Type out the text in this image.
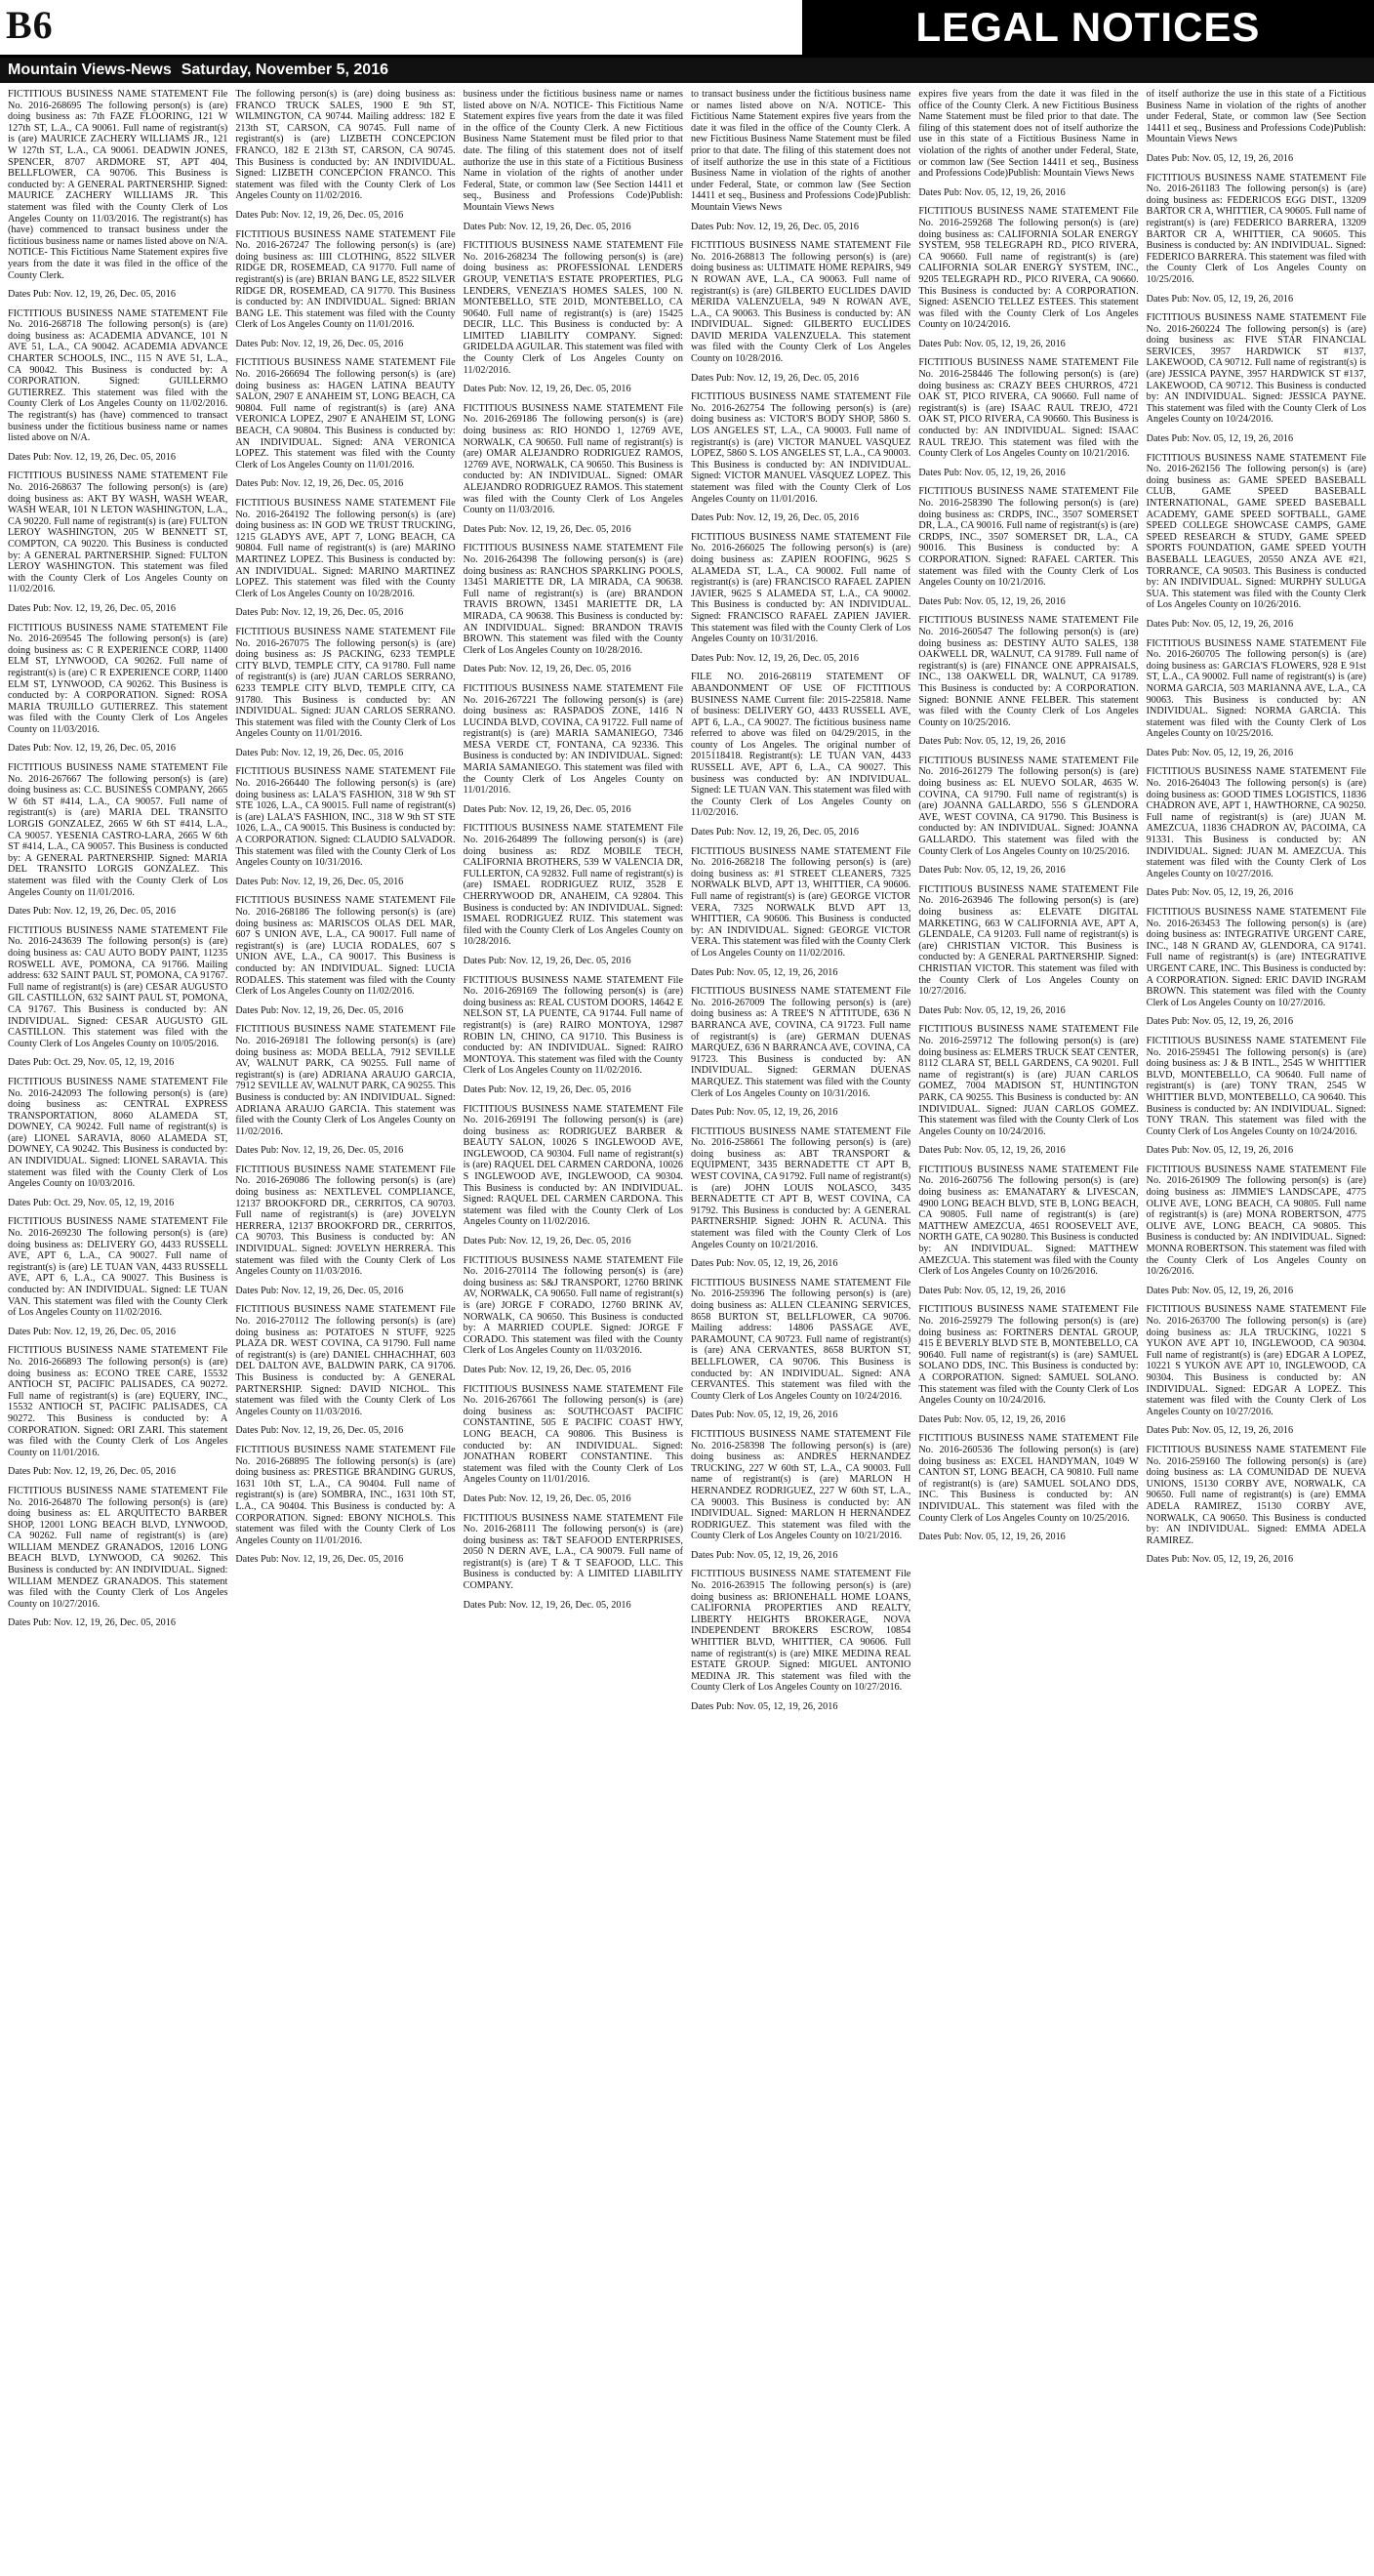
B6	LEGAL NOTICES
Mountain Views-News Saturday, November 5, 2016

FICTITIOUS BUSINESS NAME STATEMENT File No. 2016-268695 The following person(s) is (are) doing business as: 7th FAZE FLOORING, 121 W 127th ST, L.A., CA 90061. Full name of registrant(s) is (are) MAURICE ZACHERY WILLIAMS JR., 121 W 127th ST, L.A., CA 90061. DEADWIN JONES, SPENCER, 8707 ARDMORE ST, APT 404, BELLFLOWER, CA 90706. This Business is conducted by: A GENERAL PARTNERSHIP. Signed: MAURICE ZACHERY WILLIAMS JR. This statement was filed with the County Clerk of Los Angeles County on 11/03/2016. The registrant(s) has (have) commenced to transact business under the fictitious business name or names listed above on N/A. NOTICE- This Fictitious Name Statement expires five years from the date it was filed in the office of the County Clerk.

Dates Pub: Nov. 12, 19, 26, Dec. 05, 2016

FICTITIOUS BUSINESS NAME STATEMENT File No. 2016-268718 The following person(s) is (are) doing business as: ACADEMIA ADVANCE, 101 N AVE 51, L.A., CA 90042. ACADEMIA ADVANCE CHARTER SCHOOLS, INC., 115 N AVE 51, L.A., CA 90042. This Business is conducted by: A CORPORATION. Signed: GUILLERMO GUTIERREZ. This statement was filed with the County Clerk of Los Angeles County on 11/02/2016. The registrant(s) has (have) commenced to transact business under the fictitious business name or names listed above on N/A.

Dates Pub: Nov. 12, 19, 26, Dec. 05, 2016

FICTITIOUS BUSINESS NAME STATEMENT File No. 2016-268637 The following person(s) is (are) doing business as: AKT BY WASH, WASH WEAR, WASH WEAR, 101 N LETON WASHINGTON, L.A., CA 90220. Full name of registrant(s) is (are) FULTON LEROY WASHINGTON, 205 W BENNETT ST, COMPTON, CA 90220. This Business is conducted by: A GENERAL PARTNERSHIP. Signed: FULTON LEROY WASHINGTON. This statement was filed with the County Clerk of Los Angeles County on 11/02/2016.

Dates Pub: Nov. 12, 19, 26, Dec. 05, 2016

FICTITIOUS BUSINESS NAME STATEMENT File No. 2016-269545 The following person(s) is (are) doing business as: C R EXPERIENCE CORP, 11400 ELM ST, LYNWOOD, CA 90262. Full name of registrant(s) is (are) C R EXPERIENCE CORP, 11400 ELM ST, LYNWOOD, CA 90262. This Business is conducted by: A CORPORATION. Signed: ROSA MARIA TRUJILLO GUTIERREZ. This statement was filed with the County Clerk of Los Angeles County on 11/03/2016.

Dates Pub: Nov. 12, 19, 26, Dec. 05, 2016

FICTITIOUS BUSINESS NAME STATEMENT File No. 2016-267667 The following person(s) is (are) doing business as: C.C. BUSINESS COMPANY, 2665 W 6th ST #414, L.A., CA 90057. Full name of registrant(s) is (are) MARIA DEL TRANSITO LORGIS GONZALEZ, 2665 W 6th ST #414, L.A., CA 90057. YESENIA CASTRO-LARA, 2665 W 6th ST #414, L.A., CA 90057. This Business is conducted by: A GENERAL PARTNERSHIP. Signed: MARIA DEL TRANSITO LORGIS GONZALEZ. This statement was filed with the County Clerk of Los Angeles County on 11/01/2016.

Dates Pub: Nov. 12, 19, 26, Dec. 05, 2016

FICTITIOUS BUSINESS NAME STATEMENT File No. 2016-243639 The following person(s) is (are) doing business as: CAU AUTO BODY PAINT, 11235 ROSWELL AVE, POMONA, CA 91766. Mailing address: 632 SAINT PAUL ST, POMONA, CA 91767. Full name of registrant(s) is (are) CESAR AUGUSTO GIL CASTILLON, 632 SAINT PAUL ST, POMONA, CA 91767. This Business is conducted by: AN INDIVIDUAL. Signed: CESAR AUGUSTO GIL CASTILLON. This statement was filed with the County Clerk of Los Angeles County on 10/05/2016.

Dates Pub: Oct. 29, Nov. 05, 12, 19, 2016

FICTITIOUS BUSINESS NAME STATEMENT File No. 2016-242093 The following person(s) is (are) doing business as: CENTRAL EXPRESS TRANSPORTATION, 8060 ALAMEDA ST, DOWNEY, CA 90242. Full name of registrant(s) is (are) LIONEL SARAVIA, 8060 ALAMEDA ST, DOWNEY, CA 90242. This Business is conducted by: AN INDIVIDUAL. Signed: LIONEL SARAVIA. This statement was filed with the County Clerk of Los Angeles County on 10/03/2016.

Dates Pub: Oct. 29, Nov. 05, 12, 19, 2016

FICTITIOUS BUSINESS NAME STATEMENT File No. 2016-269230 The following person(s) is (are) doing business as: DELIVERY GO, 4433 RUSSELL AVE, APT 6, L.A., CA 90027. Full name of registrant(s) is (are) LE TUAN VAN, 4433 RUSSELL AVE, APT 6, L.A., CA 90027. This Business is conducted by: AN INDIVIDUAL. Signed: LE TUAN VAN. This statement was filed with the County Clerk of Los Angeles County on 11/02/2016.

Dates Pub: Nov. 12, 19, 26, Dec. 05, 2016

FICTITIOUS BUSINESS NAME STATEMENT File No. 2016-266893 The following person(s) is (are) doing business as: ECONO TREE CARE, 15532 ANTIOCH ST, PACIFIC PALISADES, CA 90272. Full name of registrant(s) is (are) EQUERY, INC., 15532 ANTIOCH ST, PACIFIC PALISADES, CA 90272. This Business is conducted by: A CORPORATION. Signed: ORI ZARI. This statement was filed with the County Clerk of Los Angeles County on 11/01/2016.

Dates Pub: Nov. 12, 19, 26, Dec. 05, 2016

FICTITIOUS BUSINESS NAME STATEMENT File No. 2016-264870 The following person(s) is (are) doing business as: EL ARQUITECTO BARBER SHOP, 12001 LONG BEACH BLVD, LYNWOOD, CA 90262. Full name of registrant(s) is (are) WILLIAM MENDEZ GRANADOS, 12016 LONG BEACH BLVD, LYNWOOD, CA 90262. This Business is conducted by: AN INDIVIDUAL. Signed: WILLIAM MENDEZ GRANADOS. This statement was filed with the County Clerk of Los Angeles County on 10/27/2016.

Dates Pub: Nov. 12, 19, 26, Dec. 05, 2016

The following person(s) is (are) doing business as: FRANCO TRUCK SALES, 1900 E 9th ST, WILMINGTON, CA 90744. Mailing address: 182 E 213th ST, CARSON, CA 90745. Full name of registrant(s) is (are) LIZBETH CONCEPCION FRANCO, 182 E 213th ST, CARSON, CA 90745. This Business is conducted by: AN INDIVIDUAL. Signed: LIZBETH CONCEPCION FRANCO. This statement was filed with the County Clerk of Los Angeles County on 11/02/2016.

Dates Pub: Nov. 12, 19, 26, Dec. 05, 2016

FICTITIOUS BUSINESS NAME STATEMENT File No. 2016-267247 The following person(s) is (are) doing business as: IIII CLOTHING, 8522 SILVER RIDGE DR, ROSEMEAD, CA 91770. Full name of registrant(s) is (are) BRIAN BANG LE, 8522 SILVER RIDGE DR, ROSEMEAD, CA 91770. This Business is conducted by: AN INDIVIDUAL. Signed: BRIAN BANG LE. This statement was filed with the County Clerk of Los Angeles County on 11/01/2016.

Dates Pub: Nov. 12, 19, 26, Dec. 05, 2016

FICTITIOUS BUSINESS NAME STATEMENT File No. 2016-266694 The following person(s) is (are) doing business as: HAGEN LATINA BEAUTY SALON, 2907 E ANAHEIM ST, LONG BEACH, CA 90804. Full name of registrant(s) is (are) ANA VERONICA LOPEZ, 2907 E ANAHEIM ST, LONG BEACH, CA 90804. This Business is conducted by: AN INDIVIDUAL. Signed: ANA VERONICA LOPEZ. This statement was filed with the County Clerk of Los Angeles County on 11/01/2016.

Dates Pub: Nov. 12, 19, 26, Dec. 05, 2016

FICTITIOUS BUSINESS NAME STATEMENT File No. 2016-264192 The following person(s) is (are) doing business as: IN GOD WE TRUST TRUCKING, 1215 GLADYS AVE, APT 7, LONG BEACH, CA 90804. Full name of registrant(s) is (are) MARINO MARTINEZ LOPEZ. This Business is conducted by: AN INDIVIDUAL. Signed: MARINO MARTINEZ LOPEZ. This statement was filed with the County Clerk of Los Angeles County on 10/28/2016.

Dates Pub: Nov. 12, 19, 26, Dec. 05, 2016

FICTITIOUS BUSINESS NAME STATEMENT File No. 2016-267075 The following person(s) is (are) doing business as: JS PACKING, 6233 TEMPLE CITY BLVD, TEMPLE CITY, CA 91780. Full name of registrant(s) is (are) JUAN CARLOS SERRANO, 6233 TEMPLE CITY BLVD, TEMPLE CITY, CA 91780. This Business is conducted by: AN INDIVIDUAL. Signed: JUAN CARLOS SERRANO. This statement was filed with the County Clerk of Los Angeles County on 11/01/2016.

Dates Pub: Nov. 12, 19, 26, Dec. 05, 2016

FICTITIOUS BUSINESS NAME STATEMENT File No. 2016-266440 The following person(s) is (are) doing business as: LALA'S FASHION, 318 W 9th ST STE 1026, L.A., CA 90015. Full name of registrant(s) is (are) LALA'S FASHION, INC., 318 W 9th ST STE 1026, L.A., CA 90015. This Business is conducted by: A CORPORATION. Signed: CLAUDIO SALVADOR. This statement was filed with the County Clerk of Los Angeles County on 10/31/2016.

Dates Pub: Nov. 12, 19, 26, Dec. 05, 2016

FICTITIOUS BUSINESS NAME STATEMENT File No. 2016-268186 The following person(s) is (are) doing business as: MARISCOS OLAS DEL MAR, 607 S UNION AVE, L.A., CA 90017. Full name of registrant(s) is (are) LUCIA RODALES, 607 S UNION AVE, L.A., CA 90017. This Business is conducted by: AN INDIVIDUAL. Signed: LUCIA RODALES. This statement was filed with the County Clerk of Los Angeles County on 11/02/2016.

Dates Pub: Nov. 12, 19, 26, Dec. 05, 2016

FICTITIOUS BUSINESS NAME STATEMENT File No. 2016-269181 The following person(s) is (are) doing business as: MODA BELLA, 7912 SEVILLE AV, WALNUT PARK, CA 90255. Full name of registrant(s) is (are) ADRIANA ARAUJO GARCIA, 7912 SEVILLE AV, WALNUT PARK, CA 90255. This Business is conducted by: AN INDIVIDUAL. Signed: ADRIANA ARAUJO GARCIA. This statement was filed with the County Clerk of Los Angeles County on 11/02/2016.

Dates Pub: Nov. 12, 19, 26, Dec. 05, 2016

FICTITIOUS BUSINESS NAME STATEMENT File No. 2016-269086 The following person(s) is (are) doing business as: NEXTLEVEL COMPLIANCE, 12137 BROOKFORD DR., CERRITOS, CA 90703. Full name of registrant(s) is (are) JOVELYN HERRERA, 12137 BROOKFORD DR., CERRITOS, CA 90703. This Business is conducted by: AN INDIVIDUAL. Signed: JOVELYN HERRERA. This statement was filed with the County Clerk of Los Angeles County on 11/03/2016.

Dates Pub: Nov. 12, 19, 26, Dec. 05, 2016

FICTITIOUS BUSINESS NAME STATEMENT File No. 2016-270112 The following person(s) is (are) doing business as: POTATOES N STUFF, 9225 PLAZA DR. WEST COVINA, CA 91790. Full name of registrant(s) is (are) DANIEL CHHACHHAT, 603 DEL DALTON AVE, BALDWIN PARK, CA 91706. This Business is conducted by: A GENERAL PARTNERSHIP. Signed: DAVID NICHOL. This statement was filed with the County Clerk of Los Angeles County on 11/03/2016.

Dates Pub: Nov. 12, 19, 26, Dec. 05, 2016

FICTITIOUS BUSINESS NAME STATEMENT File No. 2016-268895 The following person(s) is (are) doing business as: PRESTIGE BRANDING GURUS, 1631 10th ST, L.A., CA 90404. Full name of registrant(s) is (are) SOMBRA, INC., 1631 10th ST, L.A., CA 90404. This Business is conducted by: A CORPORATION. Signed: EBONY NICHOLS. This statement was filed with the County Clerk of Los Angeles County on 11/01/2016.

Dates Pub: Nov. 12, 19, 26, Dec. 05, 2016

business under the fictitious business name or names listed above on N/A. NOTICE- This Fictitious Name Statement expires five years from the date it was filed in the office of the County Clerk. A new Fictitious Business Name Statement must be filed prior to that date. The filing of this statement does not of itself authorize the use in this state of a Fictitious Business Name in violation of the rights of another under Federal, State, or common law (See Section 14411 et seq., Business and Professions Code)Publish: Mountain Views News

Dates Pub: Nov. 12, 19, 26, Dec. 05, 2016

FICTITIOUS BUSINESS NAME STATEMENT File No. 2016-268234 The following person(s) is (are) doing business as: PROFESSIONAL LENDERS GROUP, VENETIA'S ESTATE PROPERTIES, PLG LENDERS, VENEZIA'S HOMES SALES, 100 N. MONTEBELLO, STE 201D, MONTEBELLO, CA 90640. Full name of registrant(s) is (are) 15425 DECIR, LLC. This Business is conducted by: A LIMITED LIABILITY COMPANY. Signed: GRIDELDA AGUILAR. This statement was filed with the County Clerk of Los Angeles County on 11/02/2016.

Dates Pub: Nov. 12, 19, 26, Dec. 05, 2016

FICTITIOUS BUSINESS NAME STATEMENT File No. 2016-269186 The following person(s) is (are) doing business as: RIO HONDO 1, 12769 AVE, NORWALK, CA 90650. Full name of registrant(s) is (are) OMAR ALEJANDRO RODRIGUEZ RAMOS, 12769 AVE, NORWALK, CA 90650. This Business is conducted by: AN INDIVIDUAL. Signed: OMAR ALEJANDRO RODRIGUEZ RAMOS. This statement was filed with the County Clerk of Los Angeles County on 11/03/2016.

Dates Pub: Nov. 12, 19, 26, Dec. 05, 2016

FICTITIOUS BUSINESS NAME STATEMENT File No. 2016-264398 The following person(s) is (are) doing business as: RANCHOS SPARKLING POOLS, 13451 MARIETTE DR, LA MIRADA, CA 90638. Full name of registrant(s) is (are) BRANDON TRAVIS BROWN, 13451 MARIETTE DR, LA MIRADA, CA 90638. This Business is conducted by: AN INDIVIDUAL. Signed: BRANDON TRAVIS BROWN. This statement was filed with the County Clerk of Los Angeles County on 10/28/2016.

Dates Pub: Nov. 12, 19, 26, Dec. 05, 2016

FICTITIOUS BUSINESS NAME STATEMENT File No. 2016-267221 The following person(s) is (are) doing business as: RASPADOS ZONE, 1416 N LUCINDA BLVD, COVINA, CA 91722. Full name of registrant(s) is (are) MARIA SAMANIEGO, 7346 MESA VERDE CT, FONTANA, CA 92336. This Business is conducted by: AN INDIVIDUAL. Signed: MARIA SAMANIEGO. This statement was filed with the County Clerk of Los Angeles County on 11/01/2016.

Dates Pub: Nov. 12, 19, 26, Dec. 05, 2016

FICTITIOUS BUSINESS NAME STATEMENT File No. 2016-264899 The following person(s) is (are) doing business as: RDZ MOBILE TECH, CALIFORNIA BROTHERS, 539 W VALENCIA DR, FULLERTON, CA 92832. Full name of registrant(s) is (are) ISMAEL RODRIGUEZ RUIZ, 3528 E CHERRYWOOD DR, ANAHEIM, CA 92804. This Business is conducted by: AN INDIVIDUAL. Signed: ISMAEL RODRIGUEZ RUIZ. This statement was filed with the County Clerk of Los Angeles County on 10/28/2016.

Dates Pub: Nov. 12, 19, 26, Dec. 05, 2016

FICTITIOUS BUSINESS NAME STATEMENT File No. 2016-269169 The following person(s) is (are) doing business as: REAL CUSTOM DOORS, 14642 E NELSON ST, LA PUENTE, CA 91744. Full name of registrant(s) is (are) RAIRO MONTOYA, 12987 ROBIN LN, CHINO, CA 91710. This Business is conducted by: AN INDIVIDUAL. Signed: RAIRO MONTOYA. This statement was filed with the County Clerk of Los Angeles County on 11/02/2016.

Dates Pub: Nov. 12, 19, 26, Dec. 05, 2016

FICTITIOUS BUSINESS NAME STATEMENT File No. 2016-269191 The following person(s) is (are) doing business as: RODRIGUEZ BARBER & BEAUTY SALON, 10026 S INGLEWOOD AVE, INGLEWOOD, CA 90304. Full name of registrant(s) is (are) RAQUEL DEL CARMEN CARDONA, 10026 S INGLEWOOD AVE, INGLEWOOD, CA 90304. This Business is conducted by: AN INDIVIDUAL. Signed: RAQUEL DEL CARMEN CARDONA. This statement was filed with the County Clerk of Los Angeles County on 11/02/2016.

Dates Pub: Nov. 12, 19, 26, Dec. 05, 2016

FICTITIOUS BUSINESS NAME STATEMENT File No. 2016-270114 The following person(s) is (are) doing business as: S&J TRANSPORT, 12760 BRINK AV, NORWALK, CA 90650. Full name of registrant(s) is (are) JORGE F CORADO, 12760 BRINK AV, NORWALK, CA 90650. This Business is conducted by: A MARRIED COUPLE. Signed: JORGE F CORADO. This statement was filed with the County Clerk of Los Angeles County on 11/03/2016.

Dates Pub: Nov. 12, 19, 26, Dec. 05, 2016

FICTITIOUS BUSINESS NAME STATEMENT File No. 2016-267661 The following person(s) is (are) doing business as: SOUTHCOAST PACIFIC CONSTANTINE, 505 E PACIFIC COAST HWY, LONG BEACH, CA 90806. This Business is conducted by: AN INDIVIDUAL. Signed: JONATHAN ROBERT CONSTANTINE. This statement was filed with the County Clerk of Los Angeles County on 11/01/2016.

Dates Pub: Nov. 12, 19, 26, Dec. 05, 2016

FICTITIOUS BUSINESS NAME STATEMENT File No. 2016-268111 The following person(s) is (are) doing business as: T&T SEAFOOD ENTERPRISES, 2050 N DERN AVE, L.A., CA 90079. Full name of registrant(s) is (are) T & T SEAFOOD, LLC. This Business is conducted by: A LIMITED LIABILITY COMPANY.

Dates Pub: Nov. 12, 19, 26, Dec. 05, 2016

to transact business under the fictitious business name or names listed above on N/A. NOTICE- This Fictitious Name Statement expires five years from the date it was filed in the office of the County Clerk. A new Fictitious Business Name Statement must be filed prior to that date. The filing of this statement does not of itself authorize the use in this state of a Fictitious Business Name in violation of the rights of another under Federal, State, or common law (See Section 14411 et seq., Business and Professions Code)Publish: Mountain Views News

Dates Pub: Nov. 12, 19, 26, Dec. 05, 2016

FICTITIOUS BUSINESS NAME STATEMENT File No. 2016-268813 The following person(s) is (are) doing business as: ULTIMATE HOME REPAIRS, 949 N ROWAN AVE, L.A., CA 90063. Full name of registrant(s) is (are) GILBERTO EUCLIDES DAVID MERIDA VALENZUELA, 949 N ROWAN AVE, L.A., CA 90063. This Business is conducted by: AN INDIVIDUAL. Signed: GILBERTO EUCLIDES DAVID MERIDA VALENZUELA. This statement was filed with the County Clerk of Los Angeles County on 10/28/2016.

Dates Pub: Nov. 12, 19, 26, Dec. 05, 2016

FICTITIOUS BUSINESS NAME STATEMENT File No. 2016-262754 The following person(s) is (are) doing business as: VICTOR'S BODY SHOP, 5860 S. LOS ANGELES ST, L.A., CA 90003. Full name of registrant(s) is (are) VICTOR MANUEL VASQUEZ LOPEZ, 5860 S. LOS ANGELES ST, L.A., CA 90003. This Business is conducted by: AN INDIVIDUAL. Signed: VICTOR MANUEL VASQUEZ LOPEZ. This statement was filed with the County Clerk of Los Angeles County on 11/01/2016.

Dates Pub: Nov. 12, 19, 26, Dec. 05, 2016

FICTITIOUS BUSINESS NAME STATEMENT File No. 2016-266025 The following person(s) is (are) doing business as: ZAPIEN ROOFING, 9625 S ALAMEDA ST, L.A., CA 90002. Full name of registrant(s) is (are) FRANCISCO RAFAEL ZAPIEN JAVIER, 9625 S ALAMEDA ST, L.A., CA 90002. This Business is conducted by: AN INDIVIDUAL. Signed: FRANCISCO RAFAEL ZAPIEN JAVIER. This statement was filed with the County Clerk of Los Angeles County on 10/31/2016.

Dates Pub: Nov. 12, 19, 26, Dec. 05, 2016

FILE NO. 2016-268119 STATEMENT OF ABANDONMENT OF USE OF FICTITIOUS BUSINESS NAME Current file: 2015-225818. Name of business: DELIVERY GO, 4433 RUSSELL AVE, APT 6, L.A., CA 90027. The fictitious business name referred to above was filed on 04/29/2015, in the county of Los Angeles. The original number of 2015118418. Registrant(s): LE TUAN VAN, 4433 RUSSELL AVE, APT 6, L.A., CA 90027. This business was conducted by: AN INDIVIDUAL. Signed: LE TUAN VAN. This statement was filed with the County Clerk of Los Angeles County on 11/02/2016.

Dates Pub: Nov. 12, 19, 26, Dec. 05, 2016

FICTITIOUS BUSINESS NAME STATEMENT File No. 2016-268218 The following person(s) is (are) doing business as: #1 STREET CLEANERS, 7325 NORWALK BLVD, APT 13, WHITTIER, CA 90606. Full name of registrant(s) is (are) GEORGE VICTOR VERA, 7325 NORWALK BLVD APT 13, WHITTIER, CA 90606. This Business is conducted by: AN INDIVIDUAL. Signed: GEORGE VICTOR VERA. This statement was filed with the County Clerk of Los Angeles County on 11/02/2016.

Dates Pub: Nov. 05, 12, 19, 26, 2016

FICTITIOUS BUSINESS NAME STATEMENT File No. 2016-267009 The following person(s) is (are) doing business as: A TREE'S N ATTITUDE, 636 N BARRANCA AVE, COVINA, CA 91723. Full name of registrant(s) is (are) GERMAN DUENAS MARQUEZ, 636 N BARRANCA AVE, COVINA, CA 91723. This Business is conducted by: AN INDIVIDUAL. Signed: GERMAN DUENAS MARQUEZ. This statement was filed with the County Clerk of Los Angeles County on 10/31/2016.

Dates Pub: Nov. 05, 12, 19, 26, 2016

FICTITIOUS BUSINESS NAME STATEMENT File No. 2016-258661 The following person(s) is (are) doing business as: ABT TRANSPORT & EQUIPMENT, 3435 BERNADETTE CT APT B, WEST COVINA, CA 91792. Full name of registrant(s) is (are) JOHN LOUIS NOLASCO, 3435 BERNADETTE CT APT B, WEST COVINA, CA 91792. This Business is conducted by: A GENERAL PARTNERSHIP. Signed: JOHN R. ACUNA. This statement was filed with the County Clerk of Los Angeles County on 10/21/2016.

Dates Pub: Nov. 05, 12, 19, 26, 2016

FICTITIOUS BUSINESS NAME STATEMENT File No. 2016-259396 The following person(s) is (are) doing business as: ALLEN CLEANING SERVICES, 8658 BURTON ST, BELLFLOWER, CA 90706. Mailing address: 14806 PASSAGE AVE, PARAMOUNT, CA 90723. Full name of registrant(s) is (are) ANA CERVANTES, 8658 BURTON ST, BELLFLOWER, CA 90706. This Business is conducted by: AN INDIVIDUAL. Signed: ANA CERVANTES. This statement was filed with the County Clerk of Los Angeles County on 10/24/2016.

Dates Pub: Nov. 05, 12, 19, 26, 2016

FICTITIOUS BUSINESS NAME STATEMENT File No. 2016-258398 The following person(s) is (are) doing business as: ANDRES HERNANDEZ TRUCKING, 227 W 60th ST, L.A., CA 90003. Full name of registrant(s) is (are) MARLON H HERNANDEZ RODRIGUEZ, 227 W 60th ST, L.A., CA 90003. This Business is conducted by: AN INDIVIDUAL. Signed: MARLON H HERNANDEZ RODRIGUEZ. This statement was filed with the County Clerk of Los Angeles County on 10/21/2016.

Dates Pub: Nov. 05, 12, 19, 26, 2016

FICTITIOUS BUSINESS NAME STATEMENT File No. 2016-263915 The following person(s) is (are) doing business as: BRIONEHALL HOME LOANS, CALIFORNIA PROPERTIES AND REALTY, LIBERTY HEIGHTS BROKERAGE, NOVA INDEPENDENT BROKERS ESCROW, 10854 WHITTIER BLVD, WHITTIER, CA 90606. Full name of registrant(s) is (are) MIKE MEDINA REAL ESTATE GROUP. Signed: MIGUEL ANTONIO MEDINA JR. This statement was filed with the County Clerk of Los Angeles County on 10/27/2016.

Dates Pub: Nov. 05, 12, 19, 26, 2016

expires five years from the date it was filed in the office of the County Clerk. A new Fictitious Business Name Statement must be filed prior to that date. The filing of this statement does not of itself authorize the use in this state of a Fictitious Business Name in violation of the rights of another under Federal, State, or common law (See Section 14411 et seq., Business and Professions Code)Publish: Mountain Views News

Dates Pub: Nov. 05, 12, 19, 26, 2016

FICTITIOUS BUSINESS NAME STATEMENT File No. 2016-259268 The following person(s) is (are) doing business as: CALIFORNIA SOLAR ENERGY SYSTEM, 958 TELEGRAPH RD., PICO RIVERA, CA 90660. Full name of registrant(s) is (are) CALIFORNIA SOLAR ENERGY SYSTEM, INC., 9205 TELEGRAPH RD., PICO RIVERA, CA 90660. This Business is conducted by: A CORPORATION. Signed: ASENCIO TELLEZ ESTEES. This statement was filed with the County Clerk of Los Angeles County on 10/24/2016.

Dates Pub: Nov. 05, 12, 19, 26, 2016

FICTITIOUS BUSINESS NAME STATEMENT File No. 2016-258446 The following person(s) is (are) doing business as: CRAZY BEES CHURROS, 4721 OAK ST, PICO RIVERA, CA 90660. Full name of registrant(s) is (are) ISAAC RAUL TREJO, 4721 OAK ST, PICO RIVERA, CA 90660. This Business is conducted by: AN INDIVIDUAL. Signed: ISAAC RAUL TREJO. This statement was filed with the County Clerk of Los Angeles County on 10/21/2016.

Dates Pub: Nov. 05, 12, 19, 26, 2016

FICTITIOUS BUSINESS NAME STATEMENT File No. 2016-258390 The following person(s) is (are) doing business as: CRDPS, INC., 3507 SOMERSET DR, L.A., CA 90016. Full name of registrant(s) is (are) CRDPS, INC., 3507 SOMERSET DR, L.A., CA 90016. This Business is conducted by: A CORPORATION. Signed: RAFAEL CARTER. This statement was filed with the County Clerk of Los Angeles County on 10/21/2016.

Dates Pub: Nov. 05, 12, 19, 26, 2016

FICTITIOUS BUSINESS NAME STATEMENT File No. 2016-260547 The following person(s) is (are) doing business as: DESTINY AUTO SALES, 138 OAKWELL DR, WALNUT, CA 91789. Full name of registrant(s) is (are) FINANCE ONE APPRAISALS, INC., 138 OAKWELL DR, WALNUT, CA 91789. This Business is conducted by: A CORPORATION. Signed: BONNIE ANNE FELBER. This statement was filed with the County Clerk of Los Angeles County on 10/25/2016.

Dates Pub: Nov. 05, 12, 19, 26, 2016

FICTITIOUS BUSINESS NAME STATEMENT File No. 2016-261279 The following person(s) is (are) doing business as: EL NUEVO SOLAR, 4635 W. COVINA, CA 91790. Full name of registrant(s) is (are) JOANNA GALLARDO, 556 S GLENDORA AVE, WEST COVINA, CA 91790. This Business is conducted by: AN INDIVIDUAL. Signed: JOANNA GALLARDO. This statement was filed with the County Clerk of Los Angeles County on 10/25/2016.

Dates Pub: Nov. 05, 12, 19, 26, 2016

FICTITIOUS BUSINESS NAME STATEMENT File No. 2016-263946 The following person(s) is (are) doing business as: ELEVATE DIGITAL MARKETING, 663 W CALIFORNIA AVE, APT A, GLENDALE, CA 91203. Full name of registrant(s) is (are) CHRISTIAN VICTOR. This Business is conducted by: A GENERAL PARTNERSHIP. Signed: CHRISTIAN VICTOR. This statement was filed with the County Clerk of Los Angeles County on 10/27/2016.

Dates Pub: Nov. 05, 12, 19, 26, 2016

FICTITIOUS BUSINESS NAME STATEMENT File No. 2016-259712 The following person(s) is (are) doing business as: ELMERS TRUCK SEAT CENTER, 8112 CLARA ST, BELL GARDENS, CA 90201. Full name of registrant(s) is (are) JUAN CARLOS GOMEZ, 7004 MADISON ST, HUNTINGTON PARK, CA 90255. This Business is conducted by: AN INDIVIDUAL. Signed: JUAN CARLOS GOMEZ. This statement was filed with the County Clerk of Los Angeles County on 10/24/2016.

Dates Pub: Nov. 05, 12, 19, 26, 2016

FICTITIOUS BUSINESS NAME STATEMENT File No. 2016-260756 The following person(s) is (are) doing business as: EMANATARY & LIVESCAN, 4900 LONG BEACH BLVD, STE B, LONG BEACH, CA 90805. Full name of registrant(s) is (are) MATTHEW AMEZCUA, 4651 ROOSEVELT AVE, NORTH GATE, CA 90280. This Business is conducted by: AN INDIVIDUAL. Signed: MATTHEW AMEZCUA. This statement was filed with the County Clerk of Los Angeles County on 10/26/2016.

Dates Pub: Nov. 05, 12, 19, 26, 2016

FICTITIOUS BUSINESS NAME STATEMENT File No. 2016-259279 The following person(s) is (are) doing business as: FORTNERS DENTAL GROUP, 415 E BEVERLY BLVD STE B, MONTEBELLO, CA 90640. Full name of registrant(s) is (are) SAMUEL SOLANO DDS, INC. This Business is conducted by: A CORPORATION. Signed: SAMUEL SOLANO. This statement was filed with the County Clerk of Los Angeles County on 10/24/2016.

Dates Pub: Nov. 05, 12, 19, 26, 2016

FICTITIOUS BUSINESS NAME STATEMENT File No. 2016-260536 The following person(s) is (are) doing business as: EXCEL HANDYMAN, 1049 W CANTON ST, LONG BEACH, CA 90810. Full name of registrant(s) is (are) SAMUEL SOLANO DDS, INC. This Business is conducted by: AN INDIVIDUAL. This statement was filed with the County Clerk of Los Angeles County on 10/25/2016.

Dates Pub: Nov. 05, 12, 19, 26, 2016

of itself authorize the use in this state of a Fictitious Business Name in violation of the rights of another under Federal, State, or common law (See Section 14411 et seq., Business and Professions Code)Publish: Mountain Views News

Dates Pub: Nov. 05, 12, 19, 26, 2016

FICTITIOUS BUSINESS NAME STATEMENT File No. 2016-261183 The following person(s) is (are) doing business as: FEDERICOS EGG DIST., 13209 BARTOR CR A, WHITTIER, CA 90605. Full name of registrant(s) is (are) FEDERICO BARRERA, 13209 BARTOR CR A, WHITTIER, CA 90605. This Business is conducted by: AN INDIVIDUAL. Signed: FEDERICO BARRERA. This statement was filed with the County Clerk of Los Angeles County on 10/25/2016.

Dates Pub: Nov. 05, 12, 19, 26, 2016

FICTITIOUS BUSINESS NAME STATEMENT File No. 2016-260224 The following person(s) is (are) doing business as: FIVE STAR FINANCIAL SERVICES, 3957 HARDWICK ST #137, LAKEWOOD, CA 90712. Full name of registrant(s) is (are) JESSICA PAYNE, 3957 HARDWICK ST #137, LAKEWOOD, CA 90712. This Business is conducted by: AN INDIVIDUAL. Signed: JESSICA PAYNE. This statement was filed with the County Clerk of Los Angeles County on 10/24/2016.

Dates Pub: Nov. 05, 12, 19, 26, 2016

FICTITIOUS BUSINESS NAME STATEMENT File No. 2016-262156 The following person(s) is (are) doing business as: GAME SPEED BASEBALL CLUB, GAME SPEED BASEBALL INTERNATIONAL, GAME SPEED BASEBALL ACADEMY, GAME SPEED SOFTBALL, GAME SPEED COLLEGE SHOWCASE CAMPS, GAME SPEED RESEARCH & STUDY, GAME SPEED SPORTS FOUNDATION, GAME SPEED YOUTH BASEBALL LEAGUES, 20550 ANZA AVE #21, TORRANCE, CA 90503. This Business is conducted by: AN INDIVIDUAL. Signed: MURPHY SULUGA SUA. This statement was filed with the County Clerk of Los Angeles County on 10/26/2016.

Dates Pub: Nov. 05, 12, 19, 26, 2016

FICTITIOUS BUSINESS NAME STATEMENT File No. 2016-260705 The following person(s) is (are) doing business as: GARCIA'S FLOWERS, 928 E 91st ST, L.A., CA 90002. Full name of registrant(s) is (are) NORMA GARCIA, 503 MARIANNA AVE, L.A., CA 90063. This Business is conducted by: AN INDIVIDUAL. Signed: NORMA GARCIA. This statement was filed with the County Clerk of Los Angeles County on 10/25/2016.

Dates Pub: Nov. 05, 12, 19, 26, 2016

FICTITIOUS BUSINESS NAME STATEMENT File No. 2016-264043 The following person(s) is (are) doing business as: GOOD TIMES LOGISTICS, 11836 CHADRON AVE, APT 1, HAWTHORNE, CA 90250. Full name of registrant(s) is (are) JUAN M. AMEZCUA, 11836 CHADRON AV, PACOIMA, CA 91331. This Business is conducted by: AN INDIVIDUAL. Signed: JUAN M. AMEZCUA. This statement was filed with the County Clerk of Los Angeles County on 10/27/2016.

Dates Pub: Nov. 05, 12, 19, 26, 2016

FICTITIOUS BUSINESS NAME STATEMENT File No. 2016-263453 The following person(s) is (are) doing business as: INTEGRATIVE URGENT CARE, INC., 148 N GRAND AV, GLENDORA, CA 91741. Full name of registrant(s) is (are) INTEGRATIVE URGENT CARE, INC. This Business is conducted by: A CORPORATION. Signed: ERIC DAVID INGRAM BROWN. This statement was filed with the County Clerk of Los Angeles County on 10/27/2016.

Dates Pub: Nov. 05, 12, 19, 26, 2016

FICTITIOUS BUSINESS NAME STATEMENT File No. 2016-259451 The following person(s) is (are) doing business as: J & B INTL., 2545 W WHITTIER BLVD, MONTEBELLO, CA 90640. Full name of registrant(s) is (are) TONY TRAN, 2545 W WHITTIER BLVD, MONTEBELLO, CA 90640. This Business is conducted by: AN INDIVIDUAL. Signed: TONY TRAN. This statement was filed with the County Clerk of Los Angeles County on 10/24/2016.

Dates Pub: Nov. 05, 12, 19, 26, 2016

FICTITIOUS BUSINESS NAME STATEMENT File No. 2016-261909 The following person(s) is (are) doing business as: JIMMIE'S LANDSCAPE, 4775 OLIVE AVE, LONG BEACH, CA 90805. Full name of registrant(s) is (are) MONA ROBERTSON, 4775 OLIVE AVE, LONG BEACH, CA 90805. This Business is conducted by: AN INDIVIDUAL. Signed: MONNA ROBERTSON. This statement was filed with the County Clerk of Los Angeles County on 10/26/2016.

Dates Pub: Nov. 05, 12, 19, 26, 2016

FICTITIOUS BUSINESS NAME STATEMENT File No. 2016-263700 The following person(s) is (are) doing business as: JLA TRUCKING, 10221 S YUKON AVE APT 10, INGLEWOOD, CA 90304. Full name of registrant(s) is (are) EDGAR A LOPEZ, 10221 S YUKON AVE APT 10, INGLEWOOD, CA 90304. This Business is conducted by: AN INDIVIDUAL. Signed: EDGAR A LOPEZ. This statement was filed with the County Clerk of Los Angeles County on 10/27/2016.

Dates Pub: Nov. 05, 12, 19, 26, 2016

FICTITIOUS BUSINESS NAME STATEMENT File No. 2016-259160 The following person(s) is (are) doing business as: LA COMUNIDAD DE NUEVA UNIONS, 15130 CORBY AVE, NORWALK, CA 90650. Full name of registrant(s) is (are) EMMA ADELA RAMIREZ, 15130 CORBY AVE, NORWALK, CA 90650. This Business is conducted by: AN INDIVIDUAL. Signed: EMMA ADELA RAMIREZ.

Dates Pub: Nov. 05, 12, 19, 26, 2016
